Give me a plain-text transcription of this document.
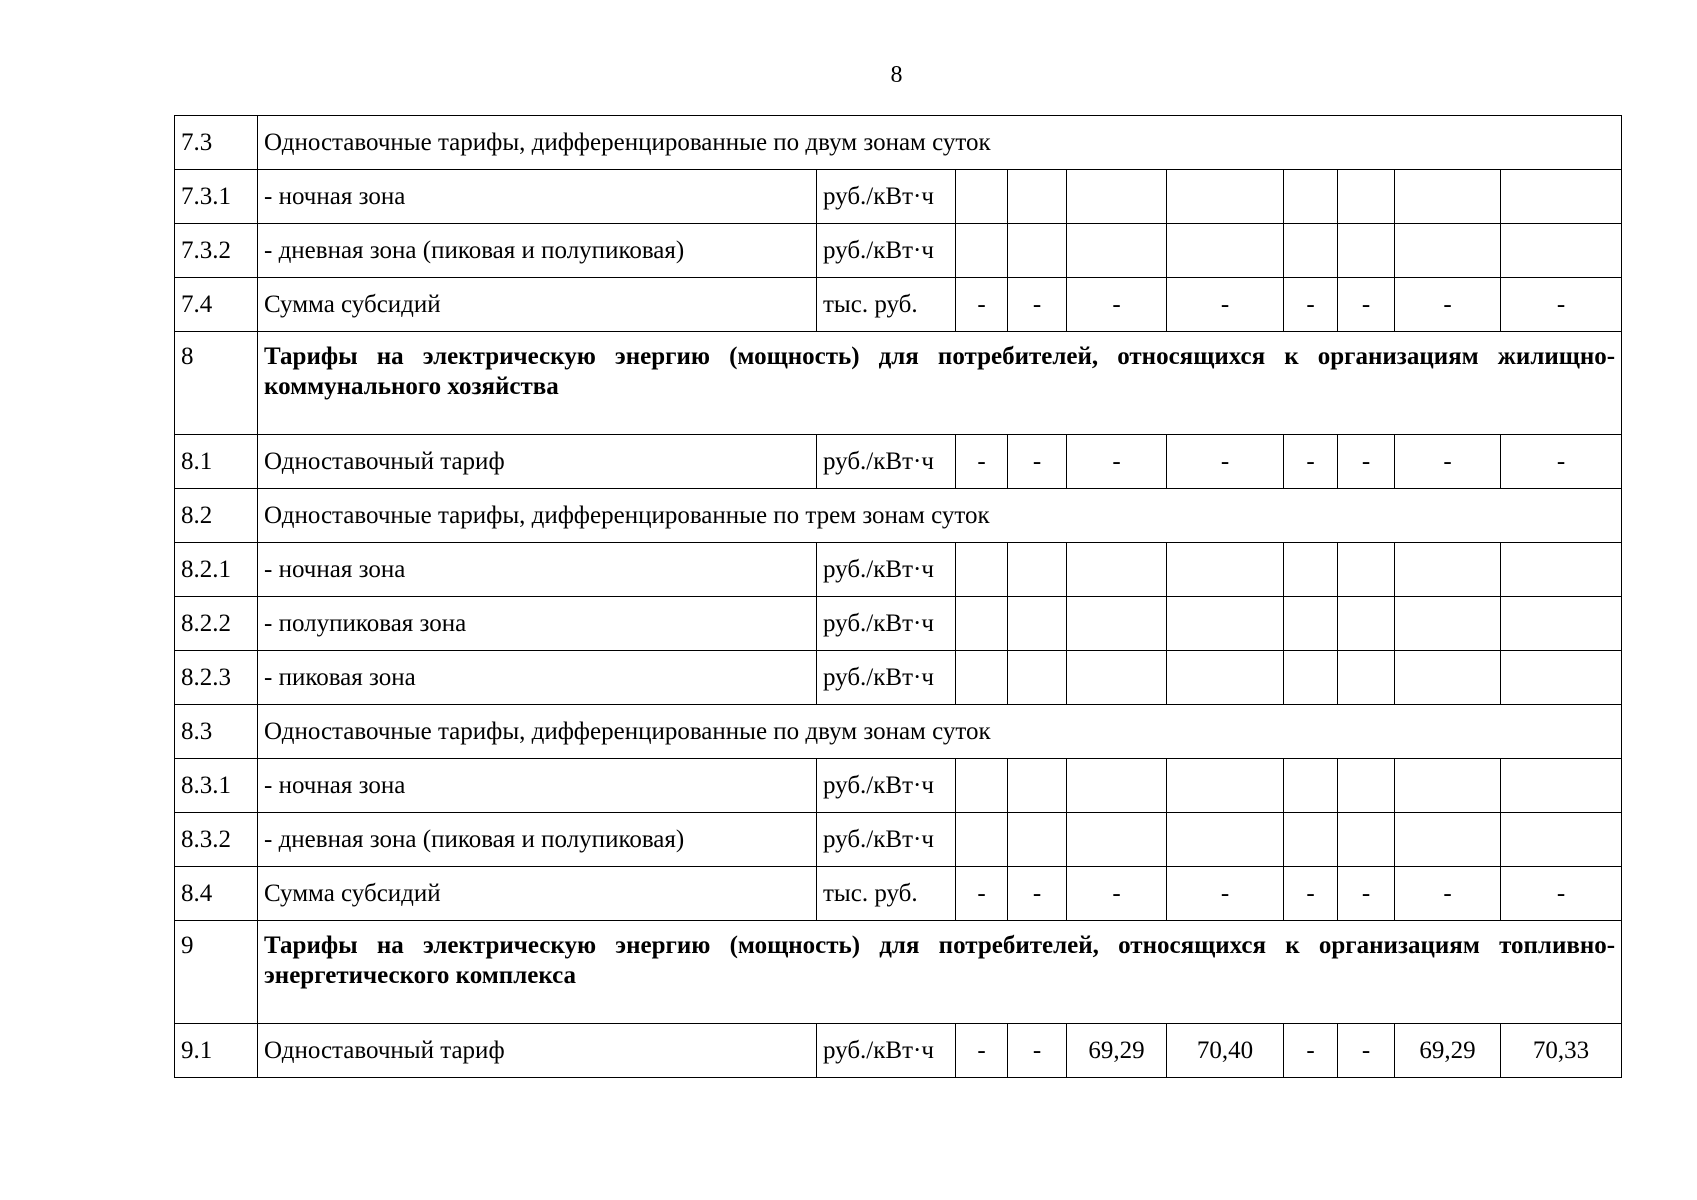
8
7.3	Одноставочные тарифы, дифференцированные по двум зонам суток									
7.3.1	- ночная зона	руб./кВт·ч								
7.3.2	- дневная зона (пиковая и полупиковая)	руб./кВт·ч								
7.4	Сумма субсидий	тыс. руб.	-	-	-	-	-	-	-	-
8	Тарифы на электрическую энергию (мощность) для потребителей, относящихся к организациям жилищно-коммунального хозяйства									
8.1	Одноставочный тариф	руб./кВт·ч	-	-	-	-	-	-	-	-
8.2	Одноставочные тарифы, дифференцированные по трем зонам суток									
8.2.1	- ночная зона	руб./кВт·ч								
8.2.2	- полупиковая зона	руб./кВт·ч								
8.2.3	- пиковая зона	руб./кВт·ч								
8.3	Одноставочные тарифы, дифференцированные по двум зонам суток									
8.3.1	- ночная зона	руб./кВт·ч								
8.3.2	- дневная зона (пиковая и полупиковая)	руб./кВт·ч								
8.4	Сумма субсидий	тыс. руб.	-	-	-	-	-	-	-	-
9	Тарифы на электрическую энергию (мощность) для потребителей, относящихся к организациям топливно-энергетического комплекса									
9.1	Одноставочный тариф	руб./кВт·ч	-	-	69,29	70,40	-	-	69,29	70,33
